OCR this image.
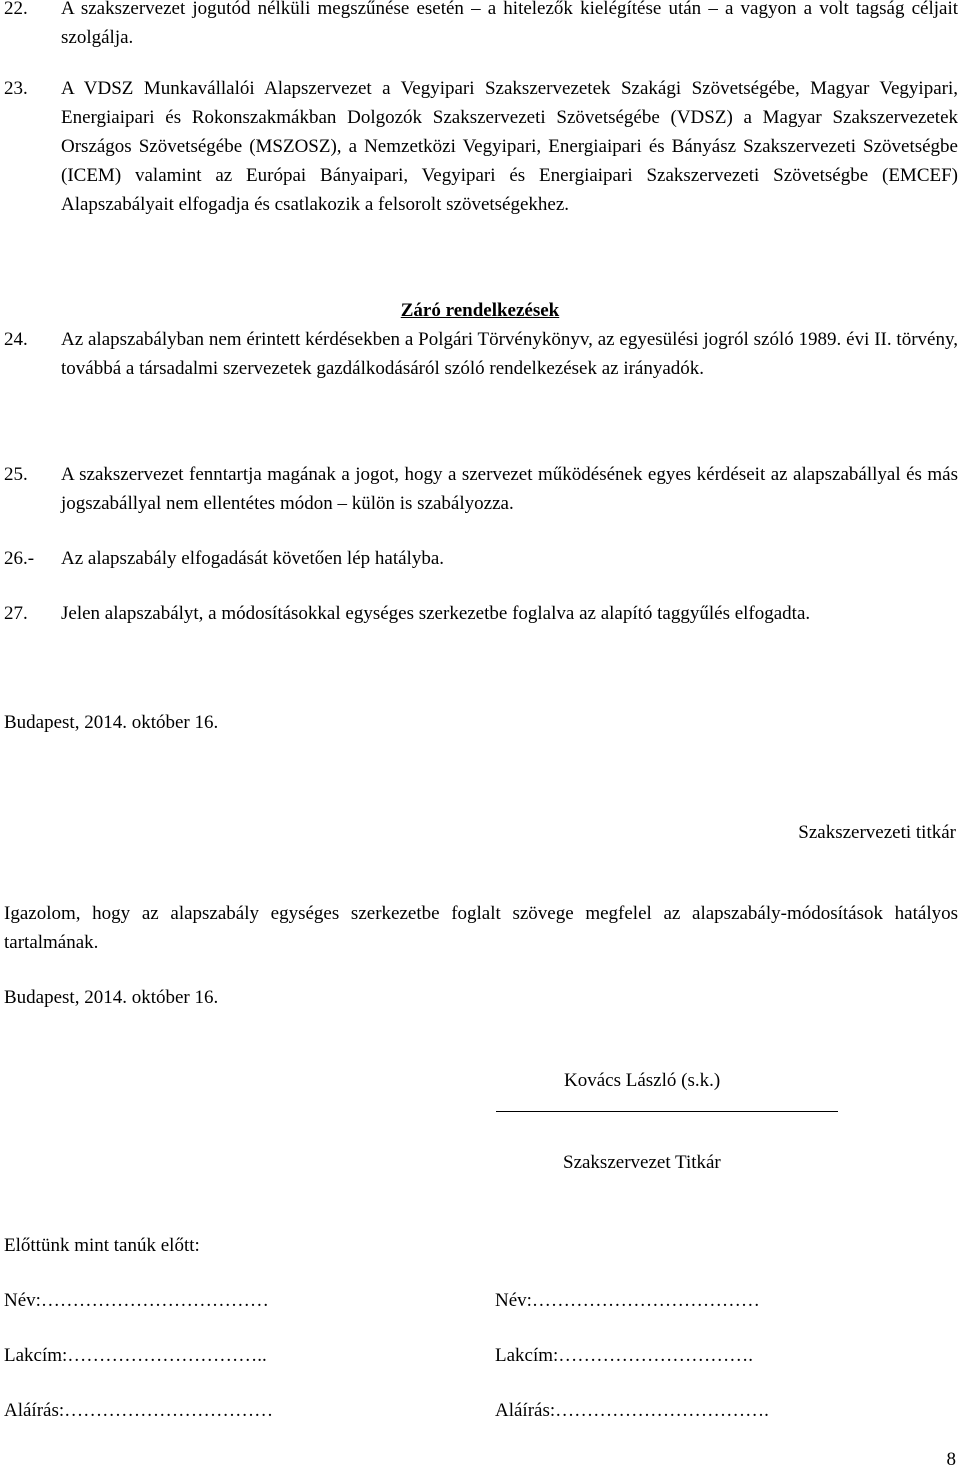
22. A szakszervezet jogutód nélküli megszűnése esetén – a hitelezők kielégítése után – a vagyon a volt tagság céljait szolgálja.
23. A VDSZ Munkavállalói Alapszervezet a Vegyipari Szakszervezetek Szakági Szövetségébe, Magyar Vegyipari, Energiaipari és Rokonszakmákban Dolgozók Szakszervezeti Szövetségébe (VDSZ) a Magyar Szakszervezetek Országos Szövetségébe (MSZOSZ), a Nemzetközi Vegyipari, Energiaipari és Bányász Szakszervezeti Szövetségbe (ICEM) valamint az Európai Bányaipari, Vegyipari és Energiaipari Szakszervezeti Szövetségbe (EMCEF) Alapszabályait elfogadja és csatlakozik a felsorolt szövetségekhez.
Záró rendelkezések
24. Az alapszabályban nem érintett kérdésekben a Polgári Törvénykönyv, az egyesülési jogról szóló 1989. évi II. törvény, továbbá a társadalmi szervezetek gazdálkodásáról szóló rendelkezések az irányadók.
25. A szakszervezet fenntartja magának a jogot, hogy a szervezet működésének egyes kérdéseit az alapszabállyal és más jogszabállyal nem ellentétes módon – külön is szabályozza.
26.- Az alapszabály elfogadását követően lép hatályba.
27. Jelen alapszabályt, a módosításokkal egységes szerkezetbe foglalva az alapító taggyűlés elfogadta.
Budapest, 2014. október 16.
Szakszervezeti titkár
Igazolom, hogy az alapszabály egységes szerkezetbe foglalt szövege megfelel az alapszabály-módosítások hatályos tartalmának.
Budapest, 2014. október 16.
Kovács László (s.k.)
Szakszervezet Titkár
Előttünk mint tanúk előtt:
Név:………………………………
Lakcím:…………………………..
Aláírás:……………………………
Név:………………………………
Lakcím:………………………….
Aláírás:…………………………….
8
